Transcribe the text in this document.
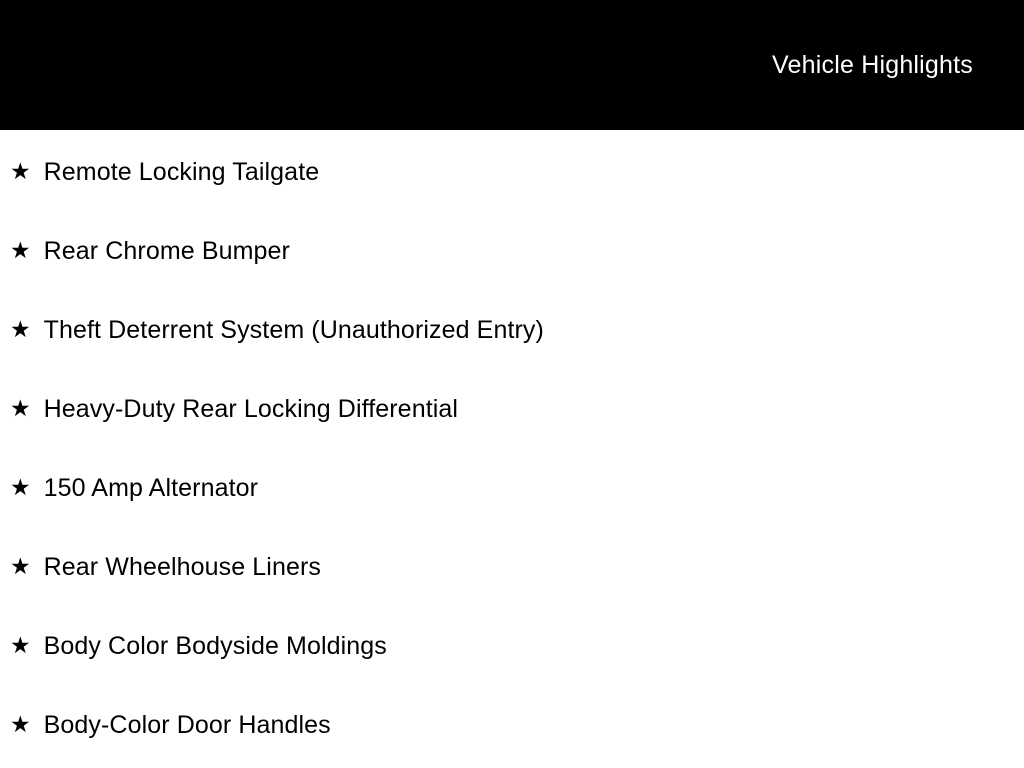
Vehicle Highlights
★ Remote Locking Tailgate
★ Rear Chrome Bumper
★ Theft Deterrent System (Unauthorized Entry)
★ Heavy-Duty Rear Locking Differential
★ 150 Amp Alternator
★ Rear Wheelhouse Liners
★ Body Color Bodyside Moldings
★ Body-Color Door Handles
